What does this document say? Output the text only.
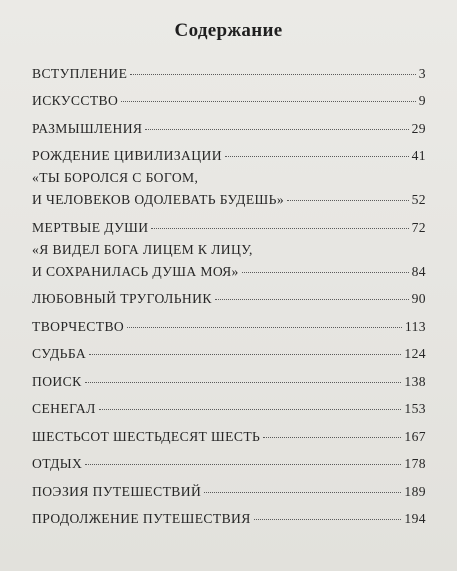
Содержание
ВСТУПЛЕНИЕ	3
ИСКУССТВО	9
РАЗМЫШЛЕНИЯ	29
РОЖДЕНИЕ ЦИВИЛИЗАЦИИ	41
«ТЫ БОРОЛСЯ С БОГОМ,
И ЧЕЛОВЕКОВ ОДОЛЕВАТЬ БУДЕШЬ»	52
МЕРТВЫЕ ДУШИ	72
«Я ВИДЕЛ БОГА ЛИЦЕМ К ЛИЦУ,
И СОХРАНИЛАСЬ ДУША МОЯ»	84
ЛЮБОВНЫЙ ТРУГОЛЬНИК	90
ТВОРЧЕСТВО	113
СУДЬБА	124
ПОИСК	138
СЕНЕГАЛ	153
ШЕСТЬСОТ ШЕСТЬДЕСЯТ ШЕСТЬ	167
ОТДЫХ	178
ПОЭЗИЯ ПУТЕШЕСТВИЙ	189
ПРОДОЛЖЕНИЕ ПУТЕШЕСТВИЯ	194
